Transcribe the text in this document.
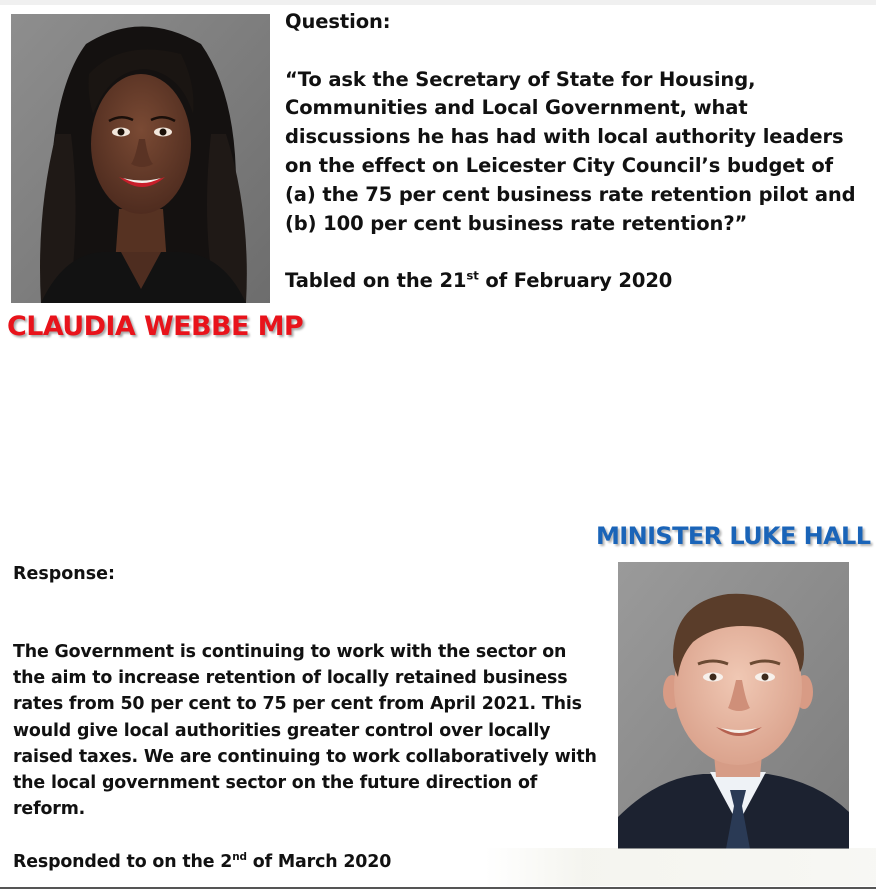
Question:

“To ask the Secretary of State for Housing, Communities and Local Government, what discussions he has had with local authority leaders on the effect on Leicester City Council’s budget of (a) the 75 per cent business rate retention pilot and (b) 100 per cent business rate retention?”

Tabled on the 21st of February 2020

CLAUDIA WEBBE MP
MINISTER LUKE HALL
Response:

The Government is continuing to work with the sector on the aim to increase retention of locally retained business rates from 50 per cent to 75 per cent from April 2021. This would give local authorities greater control over locally raised taxes. We are continuing to work collaboratively with the local government sector on the future direction of reform.

Responded to on the 2nd of March 2020
